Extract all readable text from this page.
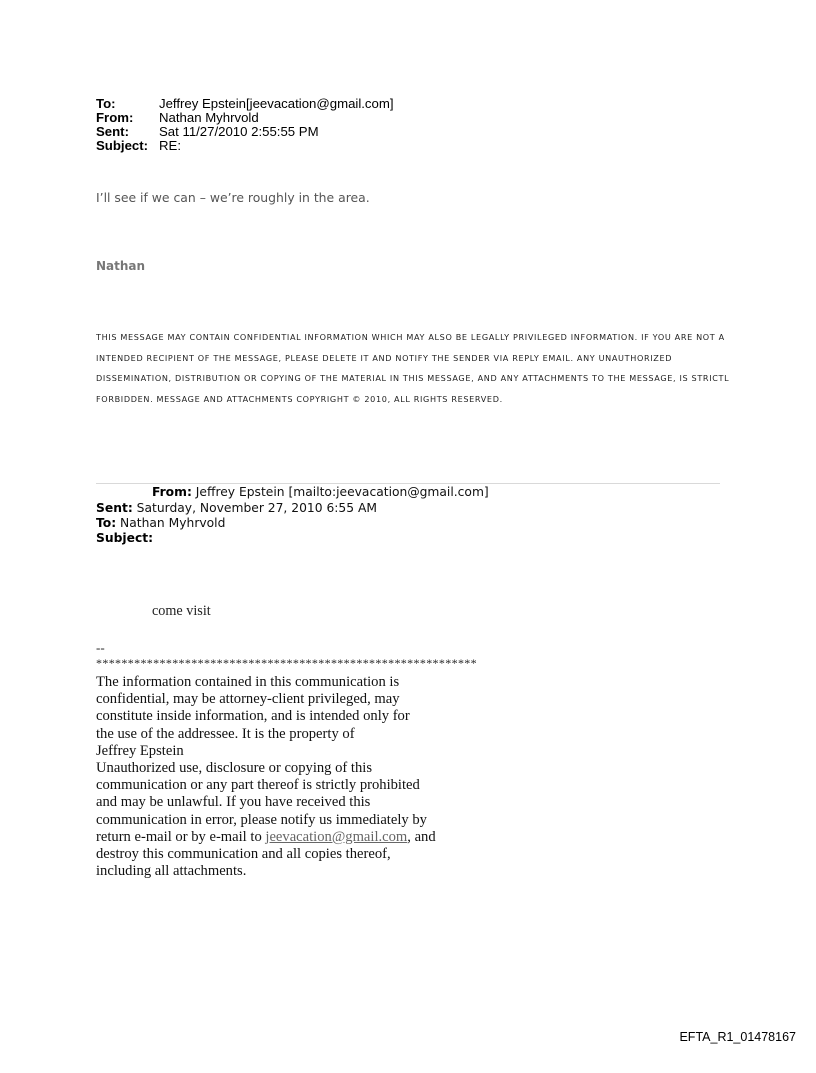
To:	Jeffrey Epstein[jeevacation@gmail.com]
From: Nathan Myhrvold
Sent: Sat 11/27/2010 2:55:55 PM
Subject: RE:
I’ll see if we can – we’re roughly in the area.
Nathan
THIS MESSAGE MAY CONTAIN CONFIDENTIAL INFORMATION WHICH MAY ALSO BE LEGALLY PRIVILEGED INFORMATION. IF YOU ARE NOT A
INTENDED RECIPIENT OF THE MESSAGE, PLEASE DELETE IT AND NOTIFY THE SENDER VIA REPLY EMAIL. ANY UNAUTHORIZED
DISSEMINATION, DISTRIBUTION OR COPYING OF THE MATERIAL IN THIS MESSAGE, AND ANY ATTACHMENTS TO THE MESSAGE, IS STRICTL
FORBIDDEN. MESSAGE AND ATTACHMENTS COPYRIGHT © 2010, ALL RIGHTS RESERVED.
From: Jeffrey Epstein [mailto:jeevacation@gmail.com]
Sent: Saturday, November 27, 2010 6:55 AM
To: Nathan Myhrvold
Subject:
come visit
--
************************************************************
The information contained in this communication is
confidential, may be attorney-client privileged, may
constitute inside information, and is intended only for
the use of the addressee. It is the property of
Jeffrey Epstein
Unauthorized use, disclosure or copying of this
communication or any part thereof is strictly prohibited
and may be unlawful. If you have received this
communication in error, please notify us immediately by
return e-mail or by e-mail to jeevacation@gmail.com, and
destroy this communication and all copies thereof,
including all attachments.
EFTA_R1_01478167
